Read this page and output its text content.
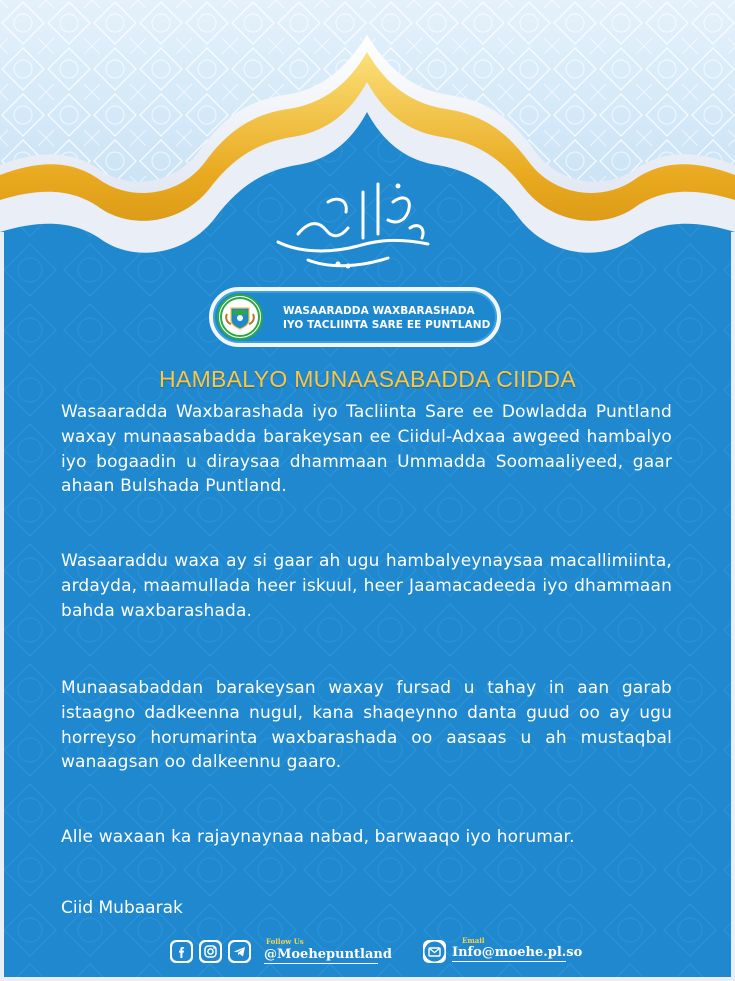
WASAARADDA WAXBARASHADA
IYO TACLIINTA SARE EE PUNTLAND
HAMBALYO MUNAASABADDA CIIDDA

Wasaaradda Waxbarashada iyo Tacliinta Sare ee Dowladda Puntland waxay munaasabadda barakeysan ee Ciidul-Adxaa awgeed hambalyo iyo bogaadin u diraysaa dhammaan Ummadda Soomaaliyeed, gaar ahaan Bulshada Puntland.

Wasaaraddu waxa ay si gaar ah ugu hambalyeynaysaa macallimiinta, ardayda, maamullada heer iskuul, heer Jaamacadeeda iyo dhammaan bahda waxbarashada.

Munaasabaddan barakeysan waxay fursad u tahay in aan garab istaagno dadkeenna nugul, kana shaqeynno danta guud oo ay ugu horreyso horumarinta waxbarashada oo aasaas u ah mustaqbal wanaagsan oo dalkeennu gaaro.

Alle waxaan ka rajaynaynaa nabad, barwaaqo iyo horumar.

Ciid Mubaarak
Follow Us
@Moehepuntland
Email
Info@moehe.pl.so
